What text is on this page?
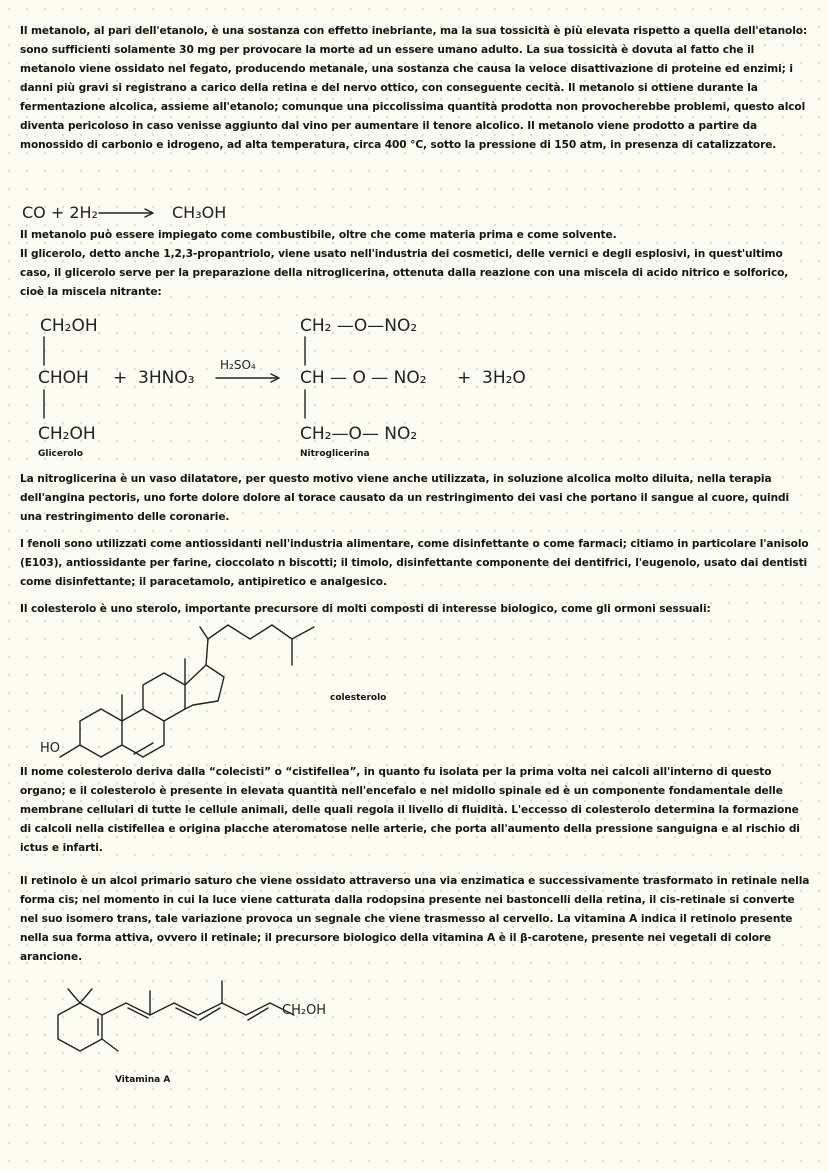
Il metanolo, al pari dell'etanolo, è una sostanza con effetto inebriante, ma la sua tossicità è più elevata rispetto a quella dell'etanolo: sono sufficienti solamente 30 mg per provocare la morte ad un essere umano adulto. La sua tossicità è dovuta al fatto che il metanolo viene ossidato nel fegato, producendo metanale, una sostanza che causa la veloce disattivazione di proteine ed enzimi; i danni più gravi si registrano a carico della retina e del nervo ottico, con conseguente cecità. Il metanolo si ottiene durante la fermentazione alcolica, assieme all'etanolo; comunque una piccolissima quantità prodotta non provocherebbe problemi, questo alcol diventa pericoloso in caso venisse aggiunto dal vino per aumentare il tenore alcolico. Il metanolo viene prodotto a partire da monossido di carbonio e idrogeno, ad alta temperatura, circa 400 °C, sotto la pressione di 150 atm, in presenza di catalizzatore.

CO + 2H₂ → CH₃OH

Il metanolo può essere impiegato come combustibile, oltre che come materia prima e come solvente.

Il glicerolo, detto anche 1,2,3-propantriolo, viene usato nell'industria dei cosmetici, delle vernici e degli esplosivi, in quest'ultimo caso, il glicerolo serve per la preparazione della nitroglicerina, ottenuta dalla reazione con una miscela di acido nitrico e solforico, cioè la miscela nitrante:

CH₂OH
CHOH
CH₂OH
Glicerolo
+ 3HNO₃
H₂SO₄
CH₂ —O—NO₂
CH — O — NO₂
CH₂—O— NO₂
Nitroglicerina
+ 3H₂O

La nitroglicerina è un vaso dilatatore, per questo motivo viene anche utilizzata, in soluzione alcolica molto diluita, nella terapia dell'angina pectoris, uno forte dolore dolore al torace causato da un restringimento dei vasi che portano il sangue al cuore, quindi una restringimento delle coronarie.

I fenoli sono utilizzati come antiossidanti nell'industria alimentare, come disinfettante o come farmaci; citiamo in particolare l'anisolo (E103), antiossidante per farine, cioccolato n biscotti; il timolo, disinfettante componente dei dentifrici, l'eugenolo, usato dai dentisti come disinfettante; il paracetamolo, antipiretico e analgesico.

Il colesterolo è uno sterolo, importante precursore di molti composti di interesse biologico, come gli ormoni sessuali:

HO
colesterolo

Il nome colesterolo deriva dalla “colecisti” o “cistifellea”, in quanto fu isolata per la prima volta nei calcoli all'interno di questo organo; e il colesterolo è presente in elevata quantità nell'encefalo e nel midollo spinale ed è un componente fondamentale delle membrane cellulari di tutte le cellule animali, delle quali regola il livello di fluidità. L'eccesso di colesterolo determina la formazione di calcoli nella cistifellea e origina placche ateromatose nelle arterie, che porta all'aumento della pressione sanguigna e al rischio di ictus e infarti.

Il retinolo è un alcol primario saturo che viene ossidato attraverso una via enzimatica e successivamente trasformato in retinale nella forma cis; nel momento in cui la luce viene catturata dalla rodopsina presente nei bastoncelli della retina, il cis-retinale si converte nel suo isomero trans, tale variazione provoca un segnale che viene trasmesso al cervello. La vitamina A indica il retinolo presente nella sua forma attiva, ovvero il retinale; il precursore biologico della vitamina A è il β-carotene, presente nei vegetali di colore arancione.

CH₂OH
Vitamina A
